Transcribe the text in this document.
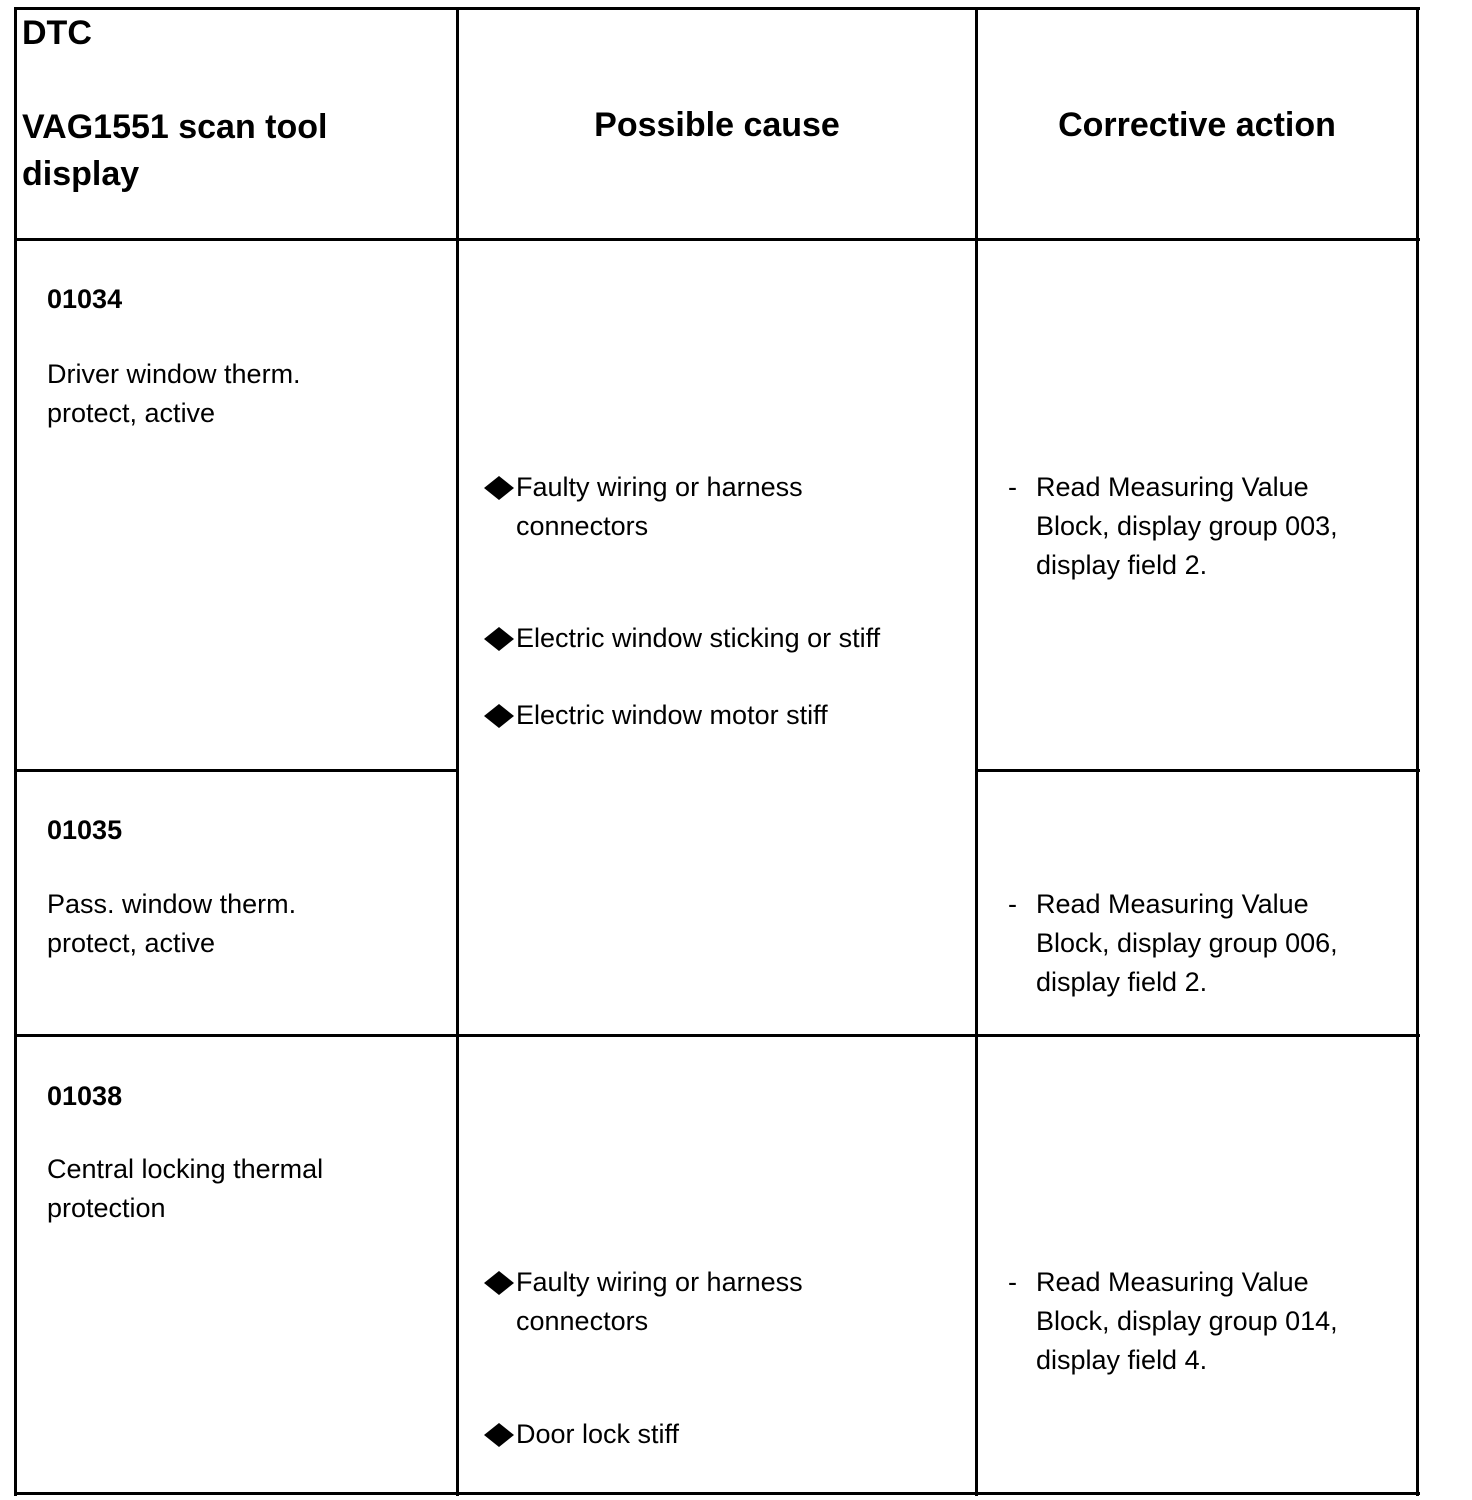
DTC
VAG1551 scan tool
display
Possible cause	Corrective action
01034
Driver window therm.
protect, active
01035
Pass. window therm.
protect, active
01038
Central locking thermal
protection
Faulty wiring or harness
connectors
Electric window sticking or stiff
Electric window motor stiff
Faulty wiring or harness
connectors
Door lock stiff
- Read Measuring Value
Block, display group 003,
display field 2.
- Read Measuring Value
Block, display group 006,
display field 2.
- Read Measuring Value
Block, display group 014,
display field 4.
